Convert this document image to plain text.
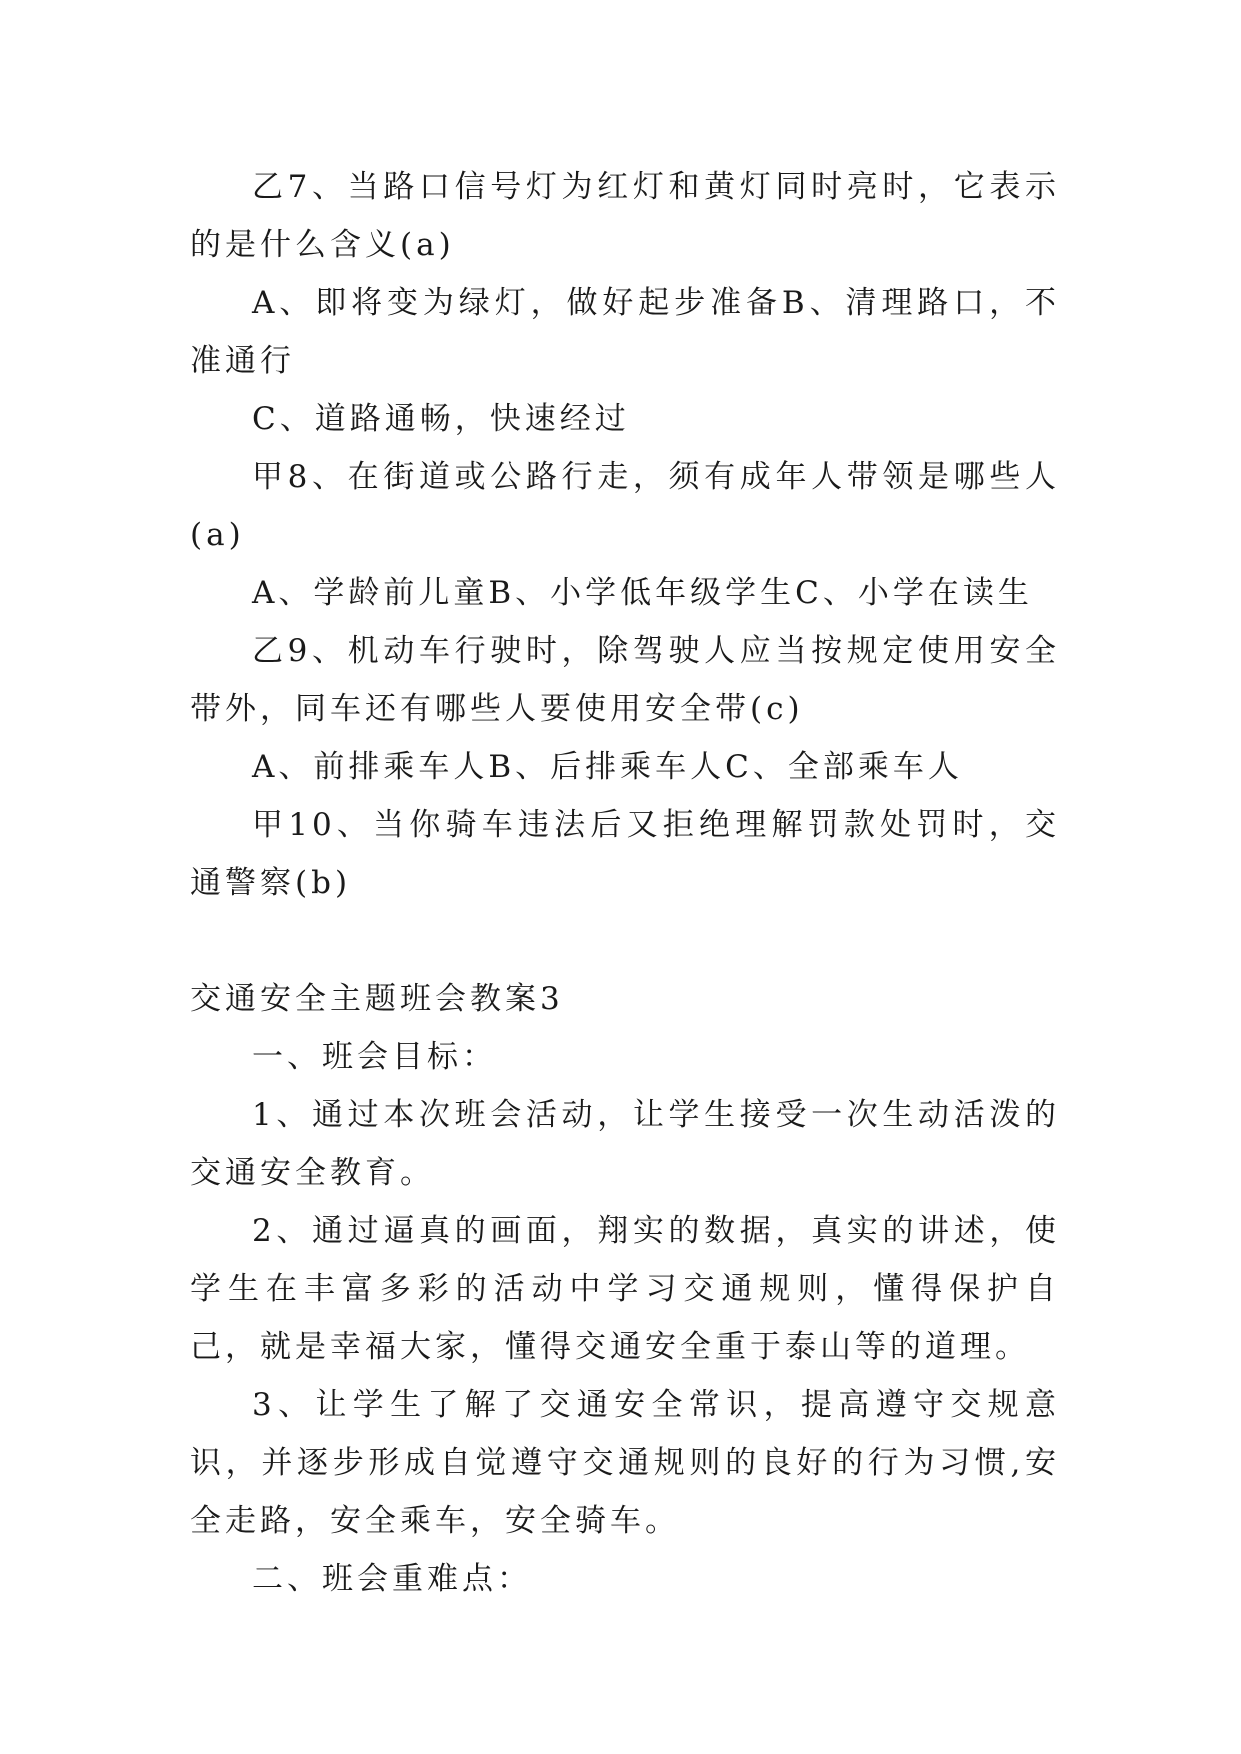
乙7、当路口信号灯为红灯和黄灯同时亮时，它表示的是什么含义(a)

A、即将变为绿灯，做好起步准备B、清理路口，不准通行

C、道路通畅，快速经过

甲8、在街道或公路行走，须有成年人带领是哪些人(a)

A、学龄前儿童B、小学低年级学生C、小学在读生

乙9、机动车行驶时，除驾驶人应当按规定使用安全带外，同车还有哪些人要使用安全带(c)

A、前排乘车人B、后排乘车人C、全部乘车人

甲10、当你骑车违法后又拒绝理解罚款处罚时，交通警察(b)

交通安全主题班会教案3

一、班会目标：

1、通过本次班会活动，让学生接受一次生动活泼的交通安全教育。

2、通过逼真的画面，翔实的数据，真实的讲述，使学生在丰富多彩的活动中学习交通规则，懂得保护自己，就是幸福大家，懂得交通安全重于泰山等的道理。

3、让学生了解了交通安全常识，提高遵守交规意识，并逐步形成自觉遵守交通规则的良好的行为习惯,安全走路，安全乘车，安全骑车。

二、班会重难点：
